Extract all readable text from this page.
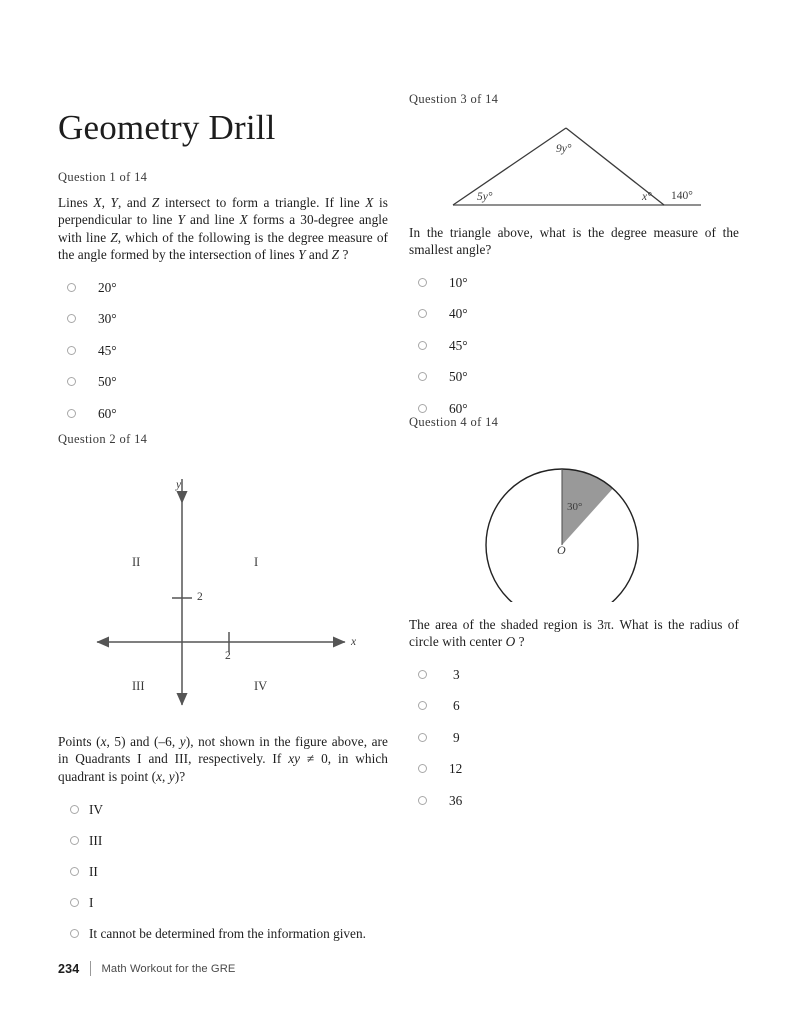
Geometry Drill
Question 1 of 14
Lines X, Y, and Z intersect to form a triangle. If line X is perpendicular to line Y and line X forms a 30-degree angle with line Z, which of the following is the degree measure of the angle formed by the intersection of lines Y and Z ?
20°
30°
45°
50°
60°
Question 2 of 14
y
x
2
2
II	I
III	IV
Points (x, 5) and (–6, y), not shown in the figure above, are in Quadrants I and III, respectively. If xy ≠ 0, in which quadrant is point (x, y)?
IV
III
II
I
It cannot be determined from the information given.
Question 3 of 14
9y°
5y°	x° 140°
In the triangle above, what is the degree measure of the smallest angle?
10°
40°
45°
50°
60°
Question 4 of 14
30°
O
The area of the shaded region is 3π. What is the radius of circle with center O ?
3
6
9
12
36
234 Math Workout for the GRE
